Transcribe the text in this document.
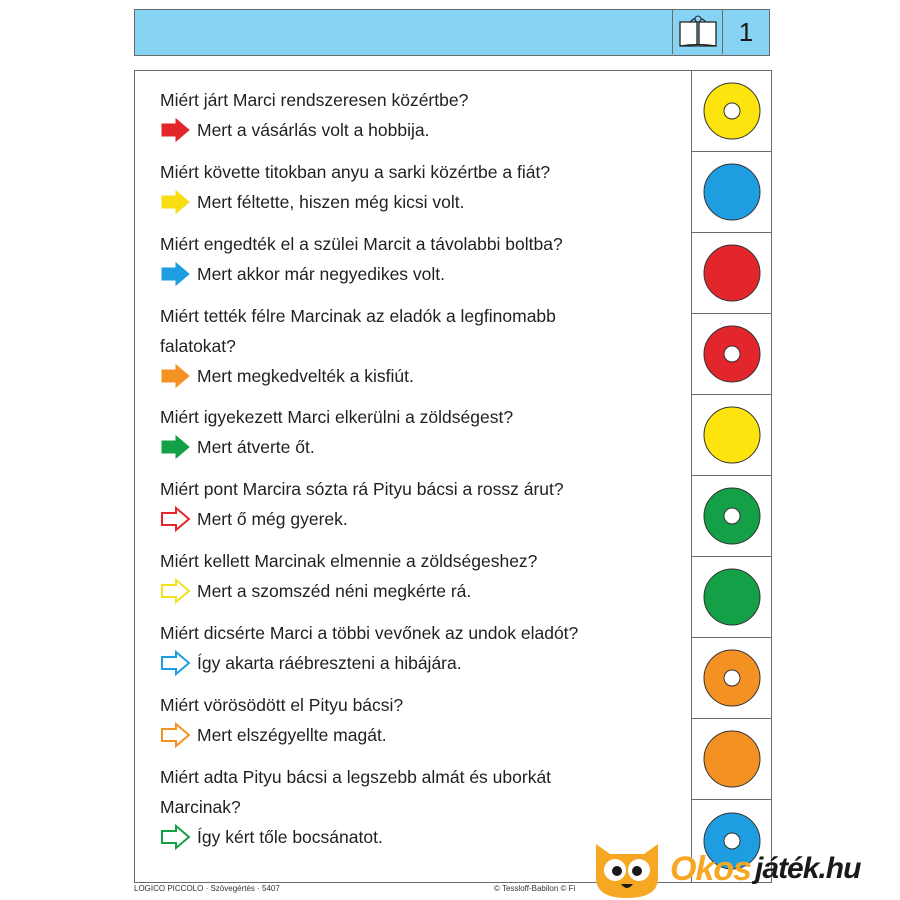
1

Miért járt Marci rendszeresen közértbe?

Mert a vásárlás volt a hobbija.

Miért követte titokban anyu a sarki közértbe a fiát?

Mert féltette, hiszen még kicsi volt.

Miért engedték el a szülei Marcit a távolabbi boltba?

Mert akkor már negyedikes volt.

Miért tették félre Marcinak az eladók a legfinomabb

falatokat?

Mert megkedvelték a kisfiút.

Miért igyekezett Marci elkerülni a zöldségest?

Mert átverte őt.

Miért pont Marcira sózta rá Pityu bácsi a rossz árut?

Mert ő még gyerek.

Miért kellett Marcinak elmennie a zöldségeshez?

Mert a szomszéd néni megkérte rá.

Miért dicsérte Marci a többi vevőnek az undok eladót?

Így akarta ráébreszteni a hibájára.

Miért vörösödött el Pityu bácsi?

Mert elszégyellte magát.

Miért adta Pityu bácsi a legszebb almát és uborkát

Marcinak?

Így kért tőle bocsánatot.

LOGICO PICCOLO · Szövegértés · 5407	© Tessloff-Babilon © Fi
Okos játék.hu
